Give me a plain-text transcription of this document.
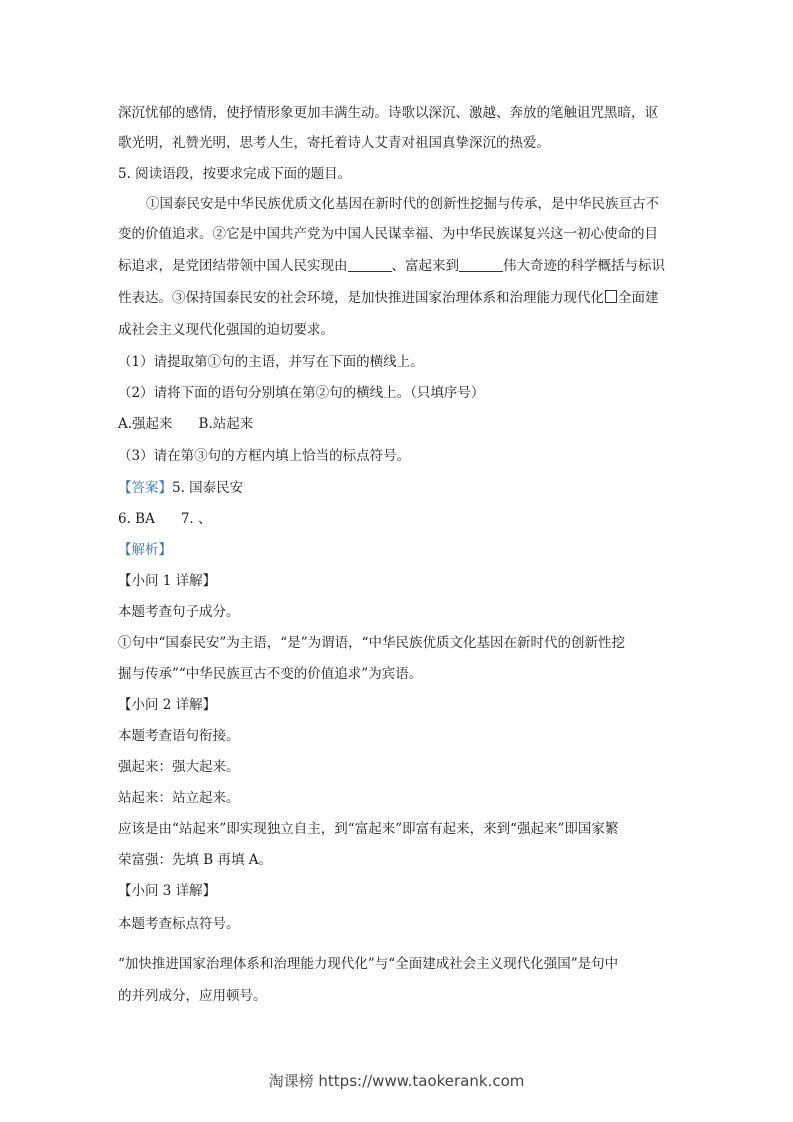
深沉忧郁的感情，使抒情形象更加丰满生动。诗歌以深沉、激越、奔放的笔触诅咒黑暗，讴
歌光明，礼赞光明，思考人生，寄托着诗人艾青对祖国真挚深沉的热爱。
5. 阅读语段，按要求完成下面的题目。
①国泰民安是中华民族优质文化基因在新时代的创新性挖掘与传承，是中华民族亘古不
变的价值追求。②它是中国共产党为中国人民谋幸福、为中华民族谋复兴这一初心使命的目
标追求，是党团结带领中国人民实现由	、富起来到	伟大奇迹的科学概括与标识
性表达。③保持国泰民安的社会环境，是加快推进国家治理体系和治理能力现代化 全面建
成社会主义现代化强国的迫切要求。
（1）请提取第①句的主语，并写在下面的横线上。
（2）请将下面的语句分别填在第②句的横线上。（只填序号）
A.强起来 B.站起来
（3）请在第③句的方框内填上恰当的标点符号。
【答案】5. 国泰民安
6. BA 7. 、
【解析】
【小问 1 详解】
本题考查句子成分。
①句中“国泰民安”为主语，“是”为谓语，“中华民族优质文化基因在新时代的创新性挖
掘与传承”“中华民族亘古不变的价值追求”为宾语。
【小问 2 详解】
本题考查语句衔接。
强起来：强大起来。
站起来：站立起来。
应该是由“站起来”即实现独立自主，到“富起来”即富有起来，来到“强起来”即国家繁
荣富强：先填 B 再填 A。
【小问 3 详解】
本题考查标点符号。
“加快推进国家治理体系和治理能力现代化”与“全面建成社会主义现代化强国”是句中
的并列成分，应用顿号。
淘课榜 https://www.taokerank.com
